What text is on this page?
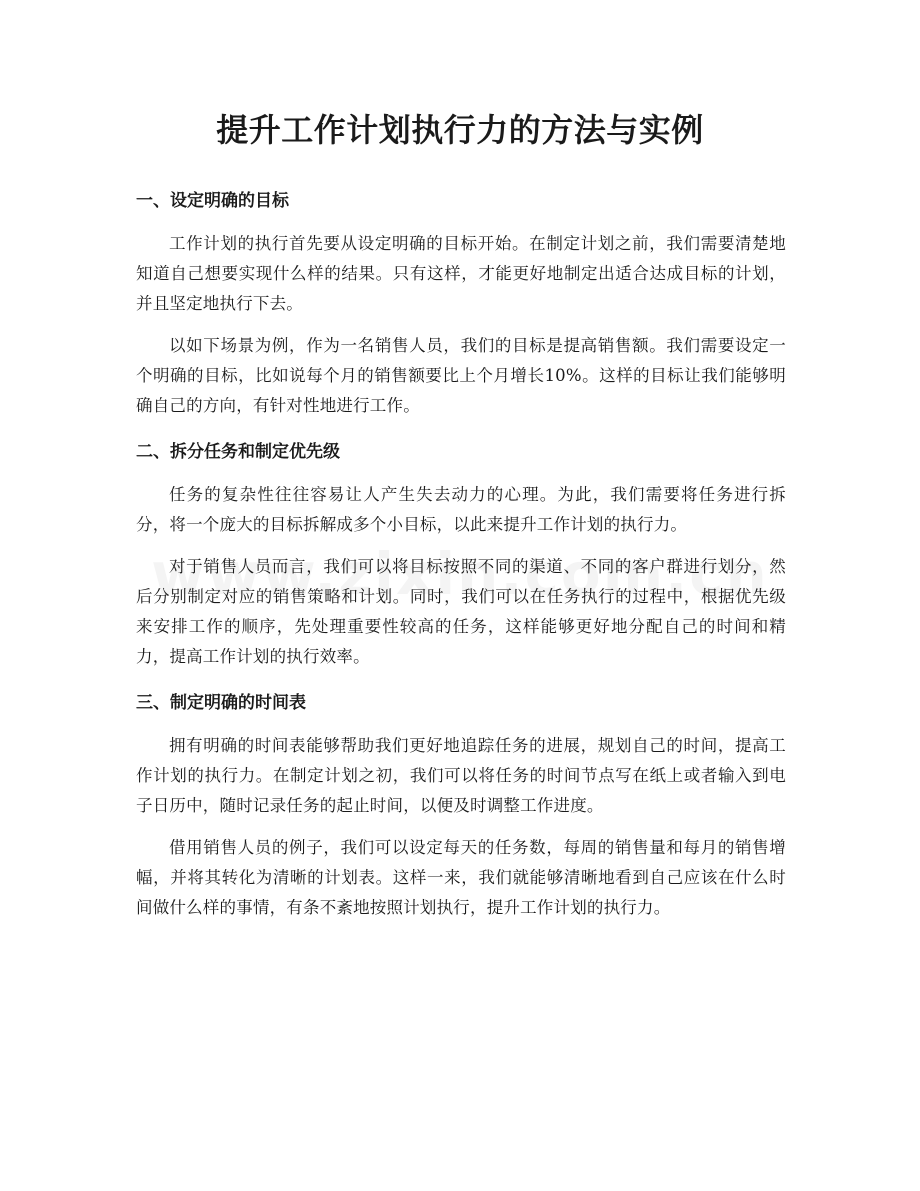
提升工作计划执行力的方法与实例
一、设定明确的目标

工作计划的执行首先要从设定明确的目标开始。在制定计划之前，我们需要清楚地知道自己想要实现什么样的结果。只有这样，才能更好地制定出适合达成目标的计划，并且坚定地执行下去。

以如下场景为例，作为一名销售人员，我们的目标是提高销售额。我们需要设定一个明确的目标，比如说每个月的销售额要比上个月增长10%。这样的目标让我们能够明确自己的方向，有针对性地进行工作。

二、拆分任务和制定优先级

任务的复杂性往往容易让人产生失去动力的心理。为此，我们需要将任务进行拆分，将一个庞大的目标拆解成多个小目标，以此来提升工作计划的执行力。

对于销售人员而言，我们可以将目标按照不同的渠道、不同的客户群进行划分，然后分别制定对应的销售策略和计划。同时，我们可以在任务执行的过程中，根据优先级来安排工作的顺序，先处理重要性较高的任务，这样能够更好地分配自己的时间和精力，提高工作计划的执行效率。

三、制定明确的时间表

拥有明确的时间表能够帮助我们更好地追踪任务的进展，规划自己的时间，提高工作计划的执行力。在制定计划之初，我们可以将任务的时间节点写在纸上或者输入到电子日历中，随时记录任务的起止时间，以便及时调整工作进度。

借用销售人员的例子，我们可以设定每天的任务数，每周的销售量和每月的销售增幅，并将其转化为清晰的计划表。这样一来，我们就能够清晰地看到自己应该在什么时间做什么样的事情，有条不紊地按照计划执行，提升工作计划的执行力。
